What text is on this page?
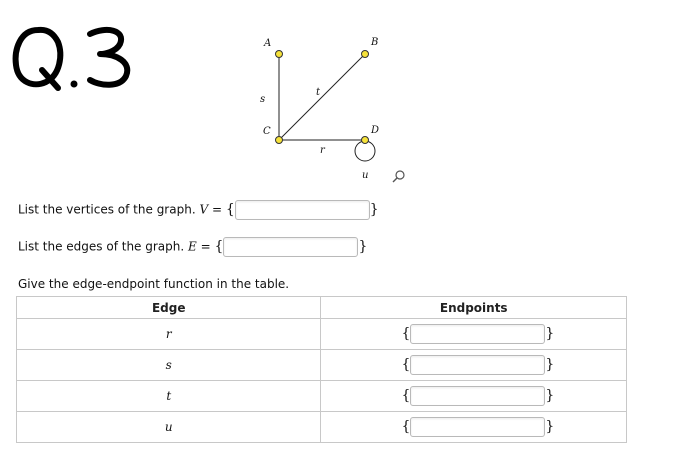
A	B
C	D
t
s
r
u
List the vertices of the graph. V = {	}
List the edges of the graph. E = {	}
Give the edge-endpoint function in the table.
Edge	Endpoints
r	{ }

s	{ }

t	{ }

u	{ }
